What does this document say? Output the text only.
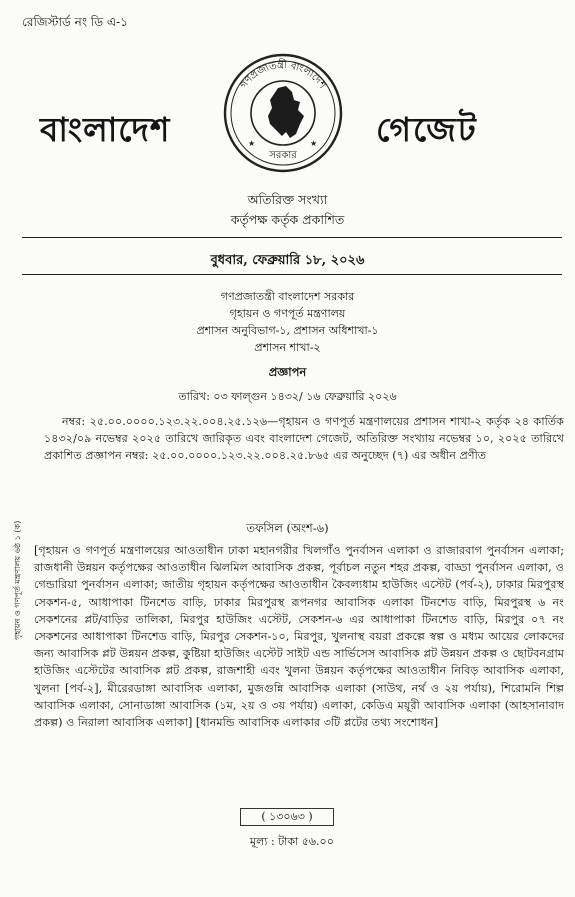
রেজিস্টার্ড নং ডি এ-১
বাংলাদেশ	গেজেট
গণপ্রজাতন্ত্রী বাংলাদেশ
সরকার
★	★
অতিরিক্ত সংখ্যা
কর্তৃপক্ষ কর্তৃক প্রকাশিত
বুধবার, ফেব্রুয়ারি ১৮, ২০২৬
গণপ্রজাতন্ত্রী বাংলাদেশ সরকার
গৃহায়ন ও গণপূর্ত মন্ত্রণালয়
প্রশাসন অনুবিভাগ-১, প্রশাসন অধিশাখা-১
প্রশাসন শাখা-২
প্রজ্ঞাপন
তারিখ: ০৩ ফাল্গুন ১৪৩২/ ১৬ ফেব্রুয়ারি ২০২৬
নম্বর: ২৫.০০.০০০০.১২৩.২২.০০৪.২৫.১২৬—গৃহায়ন ও গণপূর্ত মন্ত্রণালয়ের প্রশাসন শাখা-২ কর্তৃক ২৪ কার্তিক ১৪৩২/০৯ নভেম্বর ২০২৫ তারিখে জারিকৃত এবং বাংলাদেশ গেজেট, অতিরিক্ত সংখ্যায় নভেম্বর ১০, ২০২৫ তারিখে প্রকাশিত প্রজ্ঞাপন নম্বর: ২৫.০০.০০০০.১২৩.২২.০০৪.২৫.৮৬৫ এর অনুচ্ছেদ (৭) এর অধীন প্রণীত
তফসিল (অংশ-৬)
[গৃহায়ন ও গণপূর্ত মন্ত্রণালয়ের আওতাধীন ঢাকা মহানগরীর খিলগাঁও পুনর্বাসন এলাকা ও রাজারবাগ পুনর্বাসন এলাকা; রাজধানী উন্নয়ন কর্তৃপক্ষের আওতাধীন ঝিলমিল আবাসিক প্রকল্প, পূর্বাচল নতুন শহর প্রকল্প, বাড্ডা পুনর্বাসন এলাকা, ও গেন্ডারিয়া পুনর্বাসন এলাকা; জাতীয় গৃহায়ন কর্তৃপক্ষের আওতাধীন কৈবল্যধাম হাউজিং এস্টেট (পর্ব-২), ঢাকার মিরপুরস্থ সেকশন-৫, আধাপাকা টিনশেড বাড়ি, ঢাকার মিরপুরস্থ রূপনগর আবাসিক এলাকা টিনশেড বাড়ি, মিরপুরস্থ ৬ নং সেকশনের প্লট/বাড়ির তালিকা, মিরপুর হাউজিং এস্টেট, সেকশন-৬ এর আধাপাকা টিনশেড বাড়ি, মিরপুর ০৭ নং সেকশনের আধাপাকা টিনশেড বাড়ি, মিরপুর সেকশন-১০, মিরপুর, খুলনাস্থ বয়রা প্রকল্পে স্বল্প ও মধ্যম আয়ের লোকদের জন্য আবাসিক প্লট উন্নয়ন প্রকল্প, কুষ্টিয়া হাউজিং এস্টেট সাইট এন্ড সার্ভিসেস আবাসিক প্লট উন্নয়ন প্রকল্প ও ছোটবনগ্রাম হাউজিং এস্টেটের আবাসিক প্লট প্রকল্প, রাজশাহী এবং খুলনা উন্নয়ন কর্তৃপক্ষের আওতাধীন নিবিড় আবাসিক এলাকা, খুলনা [পর্ব-২], মীরেরডাঙ্গা আবাসিক এলাকা, মুজগুন্নি আবাসিক এলাকা (সাউথ, নর্থ ও ২য় পর্যায়), শিরোমনি শিল্প আবাসিক এলাকা, সোনাডাঙ্গা আবাসিক (১ম, ২য় ও ৩য় পর্যায়) এলাকা, কেডিএ ময়ূরী আবাসিক এলাকা (আহসানাবাদ প্রকল্প) ও নিরালা আবাসিক এলাকা] [ধানমন্ডি আবাসিক এলাকার ৩টি প্লটের তথ্য সংশোধন]
( ১৩০৬৩ )
মূল্য : টাকা ৫৬.০০
গৃহায়ন ও গণপূর্ত মন্ত্রণালয় ৬ষ্ঠ ১ (ক)
